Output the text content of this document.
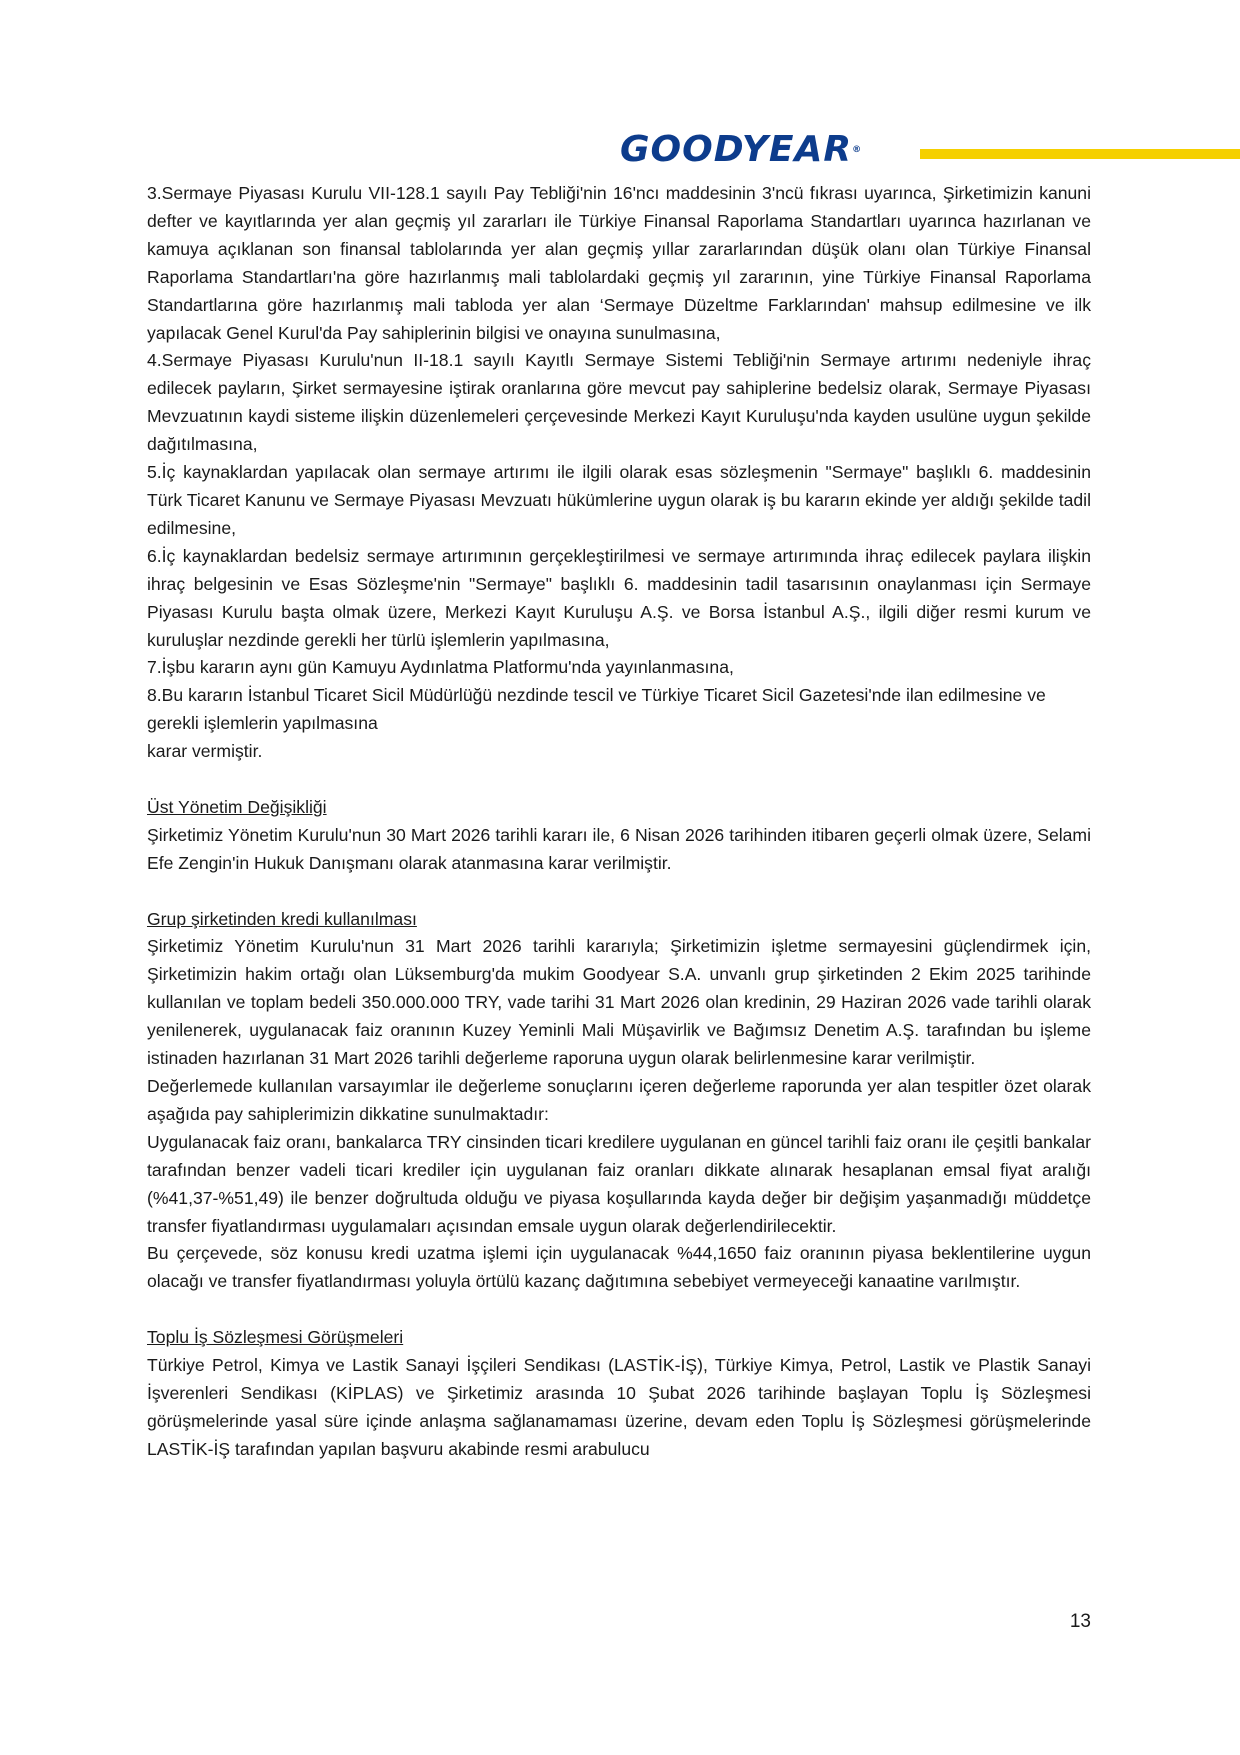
GOODYEAR®

3.Sermaye Piyasası Kurulu VII-128.1 sayılı Pay Tebliği'nin 16'ncı maddesinin 3'ncü fıkrası uyarınca, Şirketimizin kanuni defter ve kayıtlarında yer alan geçmiş yıl zararları ile Türkiye Finansal Raporlama Standartları uyarınca hazırlanan ve kamuya açıklanan son finansal tablolarında yer alan geçmiş yıllar zararlarından düşük olanı olan Türkiye Finansal Raporlama Standartları'na göre hazırlanmış mali tablolardaki geçmiş yıl zararının, yine Türkiye Finansal Raporlama Standartlarına göre hazırlanmış mali tabloda yer alan ‘Sermaye Düzeltme Farklarından' mahsup edilmesine ve ilk yapılacak Genel Kurul'da Pay sahiplerinin bilgisi ve onayına sunulmasına,

4.Sermaye Piyasası Kurulu'nun II-18.1 sayılı Kayıtlı Sermaye Sistemi Tebliği'nin Sermaye artırımı nedeniyle ihraç edilecek payların, Şirket sermayesine iştirak oranlarına göre mevcut pay sahiplerine bedelsiz olarak, Sermaye Piyasası Mevzuatının kaydi sisteme ilişkin düzenlemeleri çerçevesinde Merkezi Kayıt Kuruluşu'nda kayden usulüne uygun şekilde dağıtılmasına,

5.İç kaynaklardan yapılacak olan sermaye artırımı ile ilgili olarak esas sözleşmenin "Sermaye" başlıklı 6. maddesinin Türk Ticaret Kanunu ve Sermaye Piyasası Mevzuatı hükümlerine uygun olarak iş bu kararın ekinde yer aldığı şekilde tadil edilmesine,

6.İç kaynaklardan bedelsiz sermaye artırımının gerçekleştirilmesi ve sermaye artırımında ihraç edilecek paylara ilişkin ihraç belgesinin ve Esas Sözleşme'nin "Sermaye" başlıklı 6. maddesinin tadil tasarısının onaylanması için Sermaye Piyasası Kurulu başta olmak üzere, Merkezi Kayıt Kuruluşu A.Ş. ve Borsa İstanbul A.Ş., ilgili diğer resmi kurum ve kuruluşlar nezdinde gerekli her türlü işlemlerin yapılmasına,

7.İşbu kararın aynı gün Kamuyu Aydınlatma Platformu'nda yayınlanmasına,

8.Bu kararın İstanbul Ticaret Sicil Müdürlüğü nezdinde tescil ve Türkiye Ticaret Sicil Gazetesi'nde ilan edilmesine ve gerekli işlemlerin yapılmasına

karar vermiştir.

Üst Yönetim Değişikliği

Şirketimiz Yönetim Kurulu'nun 30 Mart 2026 tarihli kararı ile, 6 Nisan 2026 tarihinden itibaren geçerli olmak üzere, Selami Efe Zengin'in Hukuk Danışmanı olarak atanmasına karar verilmiştir.

Grup şirketinden kredi kullanılması

Şirketimiz Yönetim Kurulu'nun 31 Mart 2026 tarihli kararıyla; Şirketimizin işletme sermayesini güçlendirmek için, Şirketimizin hakim ortağı olan Lüksemburg'da mukim Goodyear S.A. unvanlı grup şirketinden 2 Ekim 2025 tarihinde kullanılan ve toplam bedeli 350.000.000 TRY, vade tarihi 31 Mart 2026 olan kredinin, 29 Haziran 2026 vade tarihli olarak yenilenerek, uygulanacak faiz oranının Kuzey Yeminli Mali Müşavirlik ve Bağımsız Denetim A.Ş. tarafından bu işleme istinaden hazırlanan 31 Mart 2026 tarihli değerleme raporuna uygun olarak belirlenmesine karar verilmiştir.

Değerlemede kullanılan varsayımlar ile değerleme sonuçlarını içeren değerleme raporunda yer alan tespitler özet olarak aşağıda pay sahiplerimizin dikkatine sunulmaktadır:

Uygulanacak faiz oranı, bankalarca TRY cinsinden ticari kredilere uygulanan en güncel tarihli faiz oranı ile çeşitli bankalar tarafından benzer vadeli ticari krediler için uygulanan faiz oranları dikkate alınarak hesaplanan emsal fiyat aralığı (%41,37-%51,49) ile benzer doğrultuda olduğu ve piyasa koşullarında kayda değer bir değişim yaşanmadığı müddetçe transfer fiyatlandırması uygulamaları açısından emsale uygun olarak değerlendirilecektir.

Bu çerçevede, söz konusu kredi uzatma işlemi için uygulanacak %44,1650 faiz oranının piyasa beklentilerine uygun olacağı ve transfer fiyatlandırması yoluyla örtülü kazanç dağıtımına sebebiyet vermeyeceği kanaatine varılmıştır.

Toplu İş Sözleşmesi Görüşmeleri

Türkiye Petrol, Kimya ve Lastik Sanayi İşçileri Sendikası (LASTİK-İŞ), Türkiye Kimya, Petrol, Lastik ve Plastik Sanayi İşverenleri Sendikası (KİPLAS) ve Şirketimiz arasında 10 Şubat 2026 tarihinde başlayan Toplu İş Sözleşmesi görüşmelerinde yasal süre içinde anlaşma sağlanamaması üzerine, devam eden Toplu İş Sözleşmesi görüşmelerinde LASTİK-İŞ tarafından yapılan başvuru akabinde resmi arabulucu

13
